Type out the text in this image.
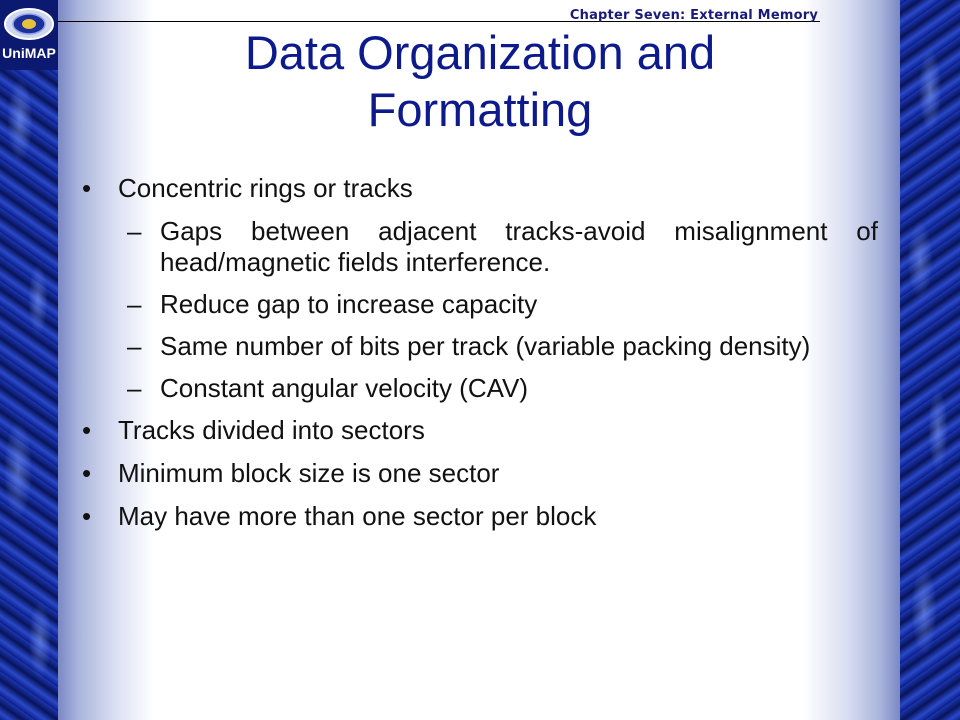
UniMAP
Chapter Seven: External Memory
Data Organization and
Formatting
• Concentric rings or tracks
– Gaps between adjacent tracks-avoid misalignment of head/magnetic fields interference.
– Reduce gap to increase capacity
– Same number of bits per track (variable packing density)
– Constant angular velocity (CAV)
• Tracks divided into sectors
• Minimum block size is one sector
• May have more than one sector per block
